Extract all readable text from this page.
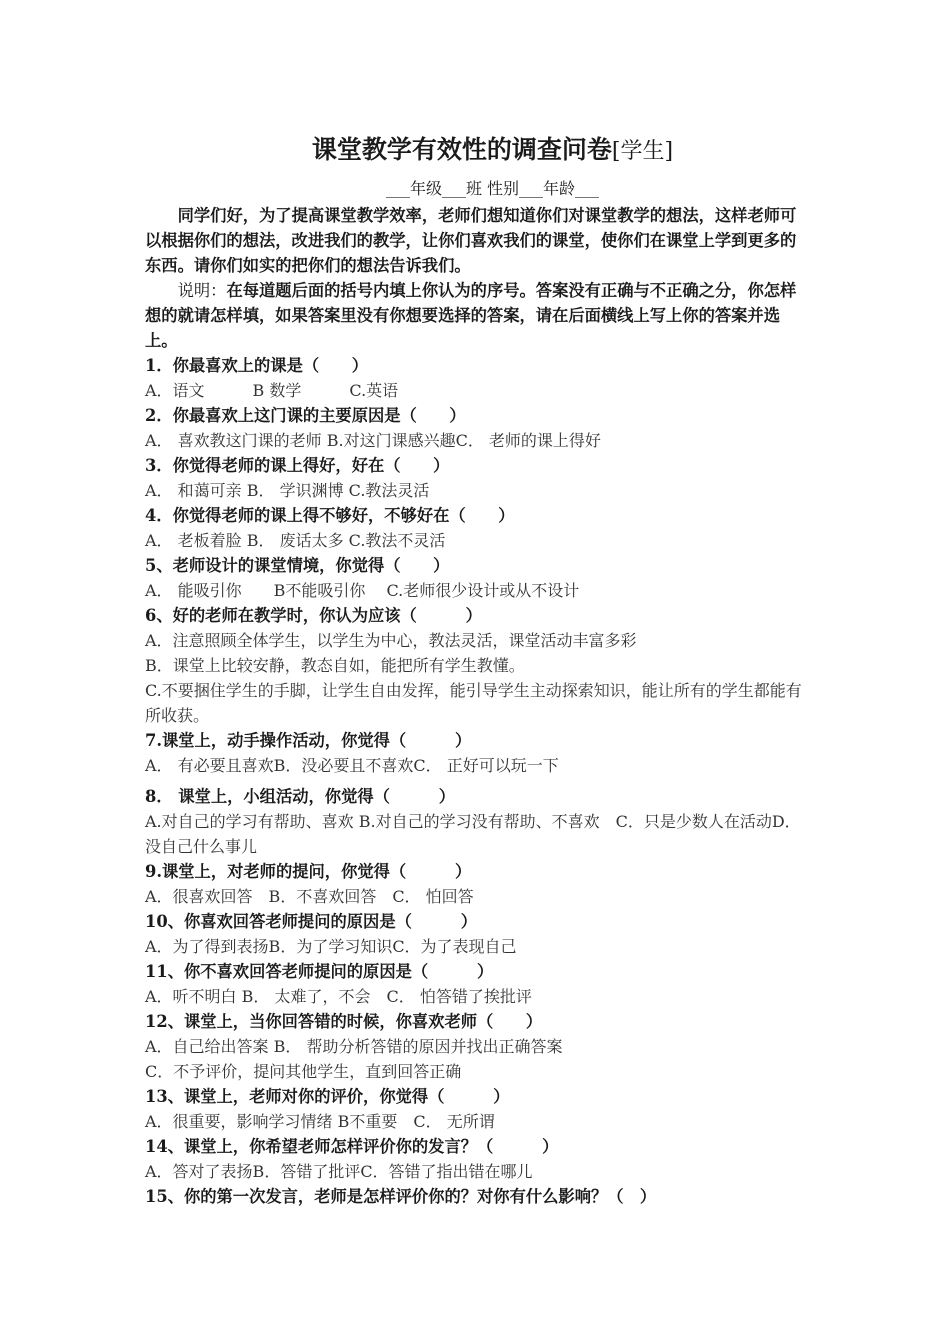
课堂教学有效性的调查问卷[学生]
___年级___班 性别___年龄___

同学们好，为了提高课堂教学效率，老师们想知道你们对课堂教学的想法，这样老师可以根据你们的想法，改进我们的教学，让你们喜欢我们的课堂，使你们在课堂上学到更多的东西。请你们如实的把你们的想法告诉我们。

说明：在每道题后面的括号内填上你认为的序号。答案没有正确与不正确之分，你怎样想的就请怎样填，如果答案里没有你想要选择的答案，请在后面横线上写上你的答案并选上。

1．你最喜欢上的课是（　　）
A．语文　　　B 数学　　　C.英语
2．你最喜欢上这门课的主要原因是（　　）
A． 喜欢教这门课的老师 B.对这门课感兴趣C． 老师的课上得好
3．你觉得老师的课上得好，好在（　　）
A． 和蔼可亲 B． 学识渊博 C.教法灵活
4．你觉得老师的课上得不够好，不够好在（　　）
A． 老板着脸 B． 废话太多 C.教法不灵活
5、老师设计的课堂情境，你觉得（　　）
A． 能吸引你　　B不能吸引你　 C.老师很少设计或从不设计
6、好的老师在教学时，你认为应该（　　　）
A．注意照顾全体学生，以学生为中心，教法灵活，课堂活动丰富多彩
B．课堂上比较安静，教态自如，能把所有学生教懂。
C.不要捆住学生的手脚，让学生自由发挥，能引导学生主动探索知识，能让所有的学生都能有所收获。
7.课堂上，动手操作活动，你觉得（　　　）
A． 有必要且喜欢B．没必要且不喜欢C． 正好可以玩一下
8． 课堂上，小组活动，你觉得（　　　）
A.对自己的学习有帮助、喜欢 B.对自己的学习没有帮助、不喜欢　C．只是少数人在活动D．没自己什么事儿
9.课堂上，对老师的提问，你觉得（　　　）
A．很喜欢回答　B．不喜欢回答　C． 怕回答
10、你喜欢回答老师提问的原因是（　　　）
A．为了得到表扬B．为了学习知识C．为了表现自己
11、你不喜欢回答老师提问的原因是（　　　）
A．听不明白 B． 太难了，不会　C． 怕答错了挨批评
12、课堂上，当你回答错的时候，你喜欢老师（　　）
A．自己给出答案 B． 帮助分析答错的原因并找出正确答案
C．不予评价，提问其他学生，直到回答正确
13、课堂上，老师对你的评价，你觉得（　　　）
A．很重要，影响学习情绪 B不重要　C． 无所谓
14、课堂上，你希望老师怎样评价你的发言？（　　　）
A．答对了表扬B．答错了批评C．答错了指出错在哪儿
15、你的第一次发言，老师是怎样评价你的？对你有什么影响？（　）
